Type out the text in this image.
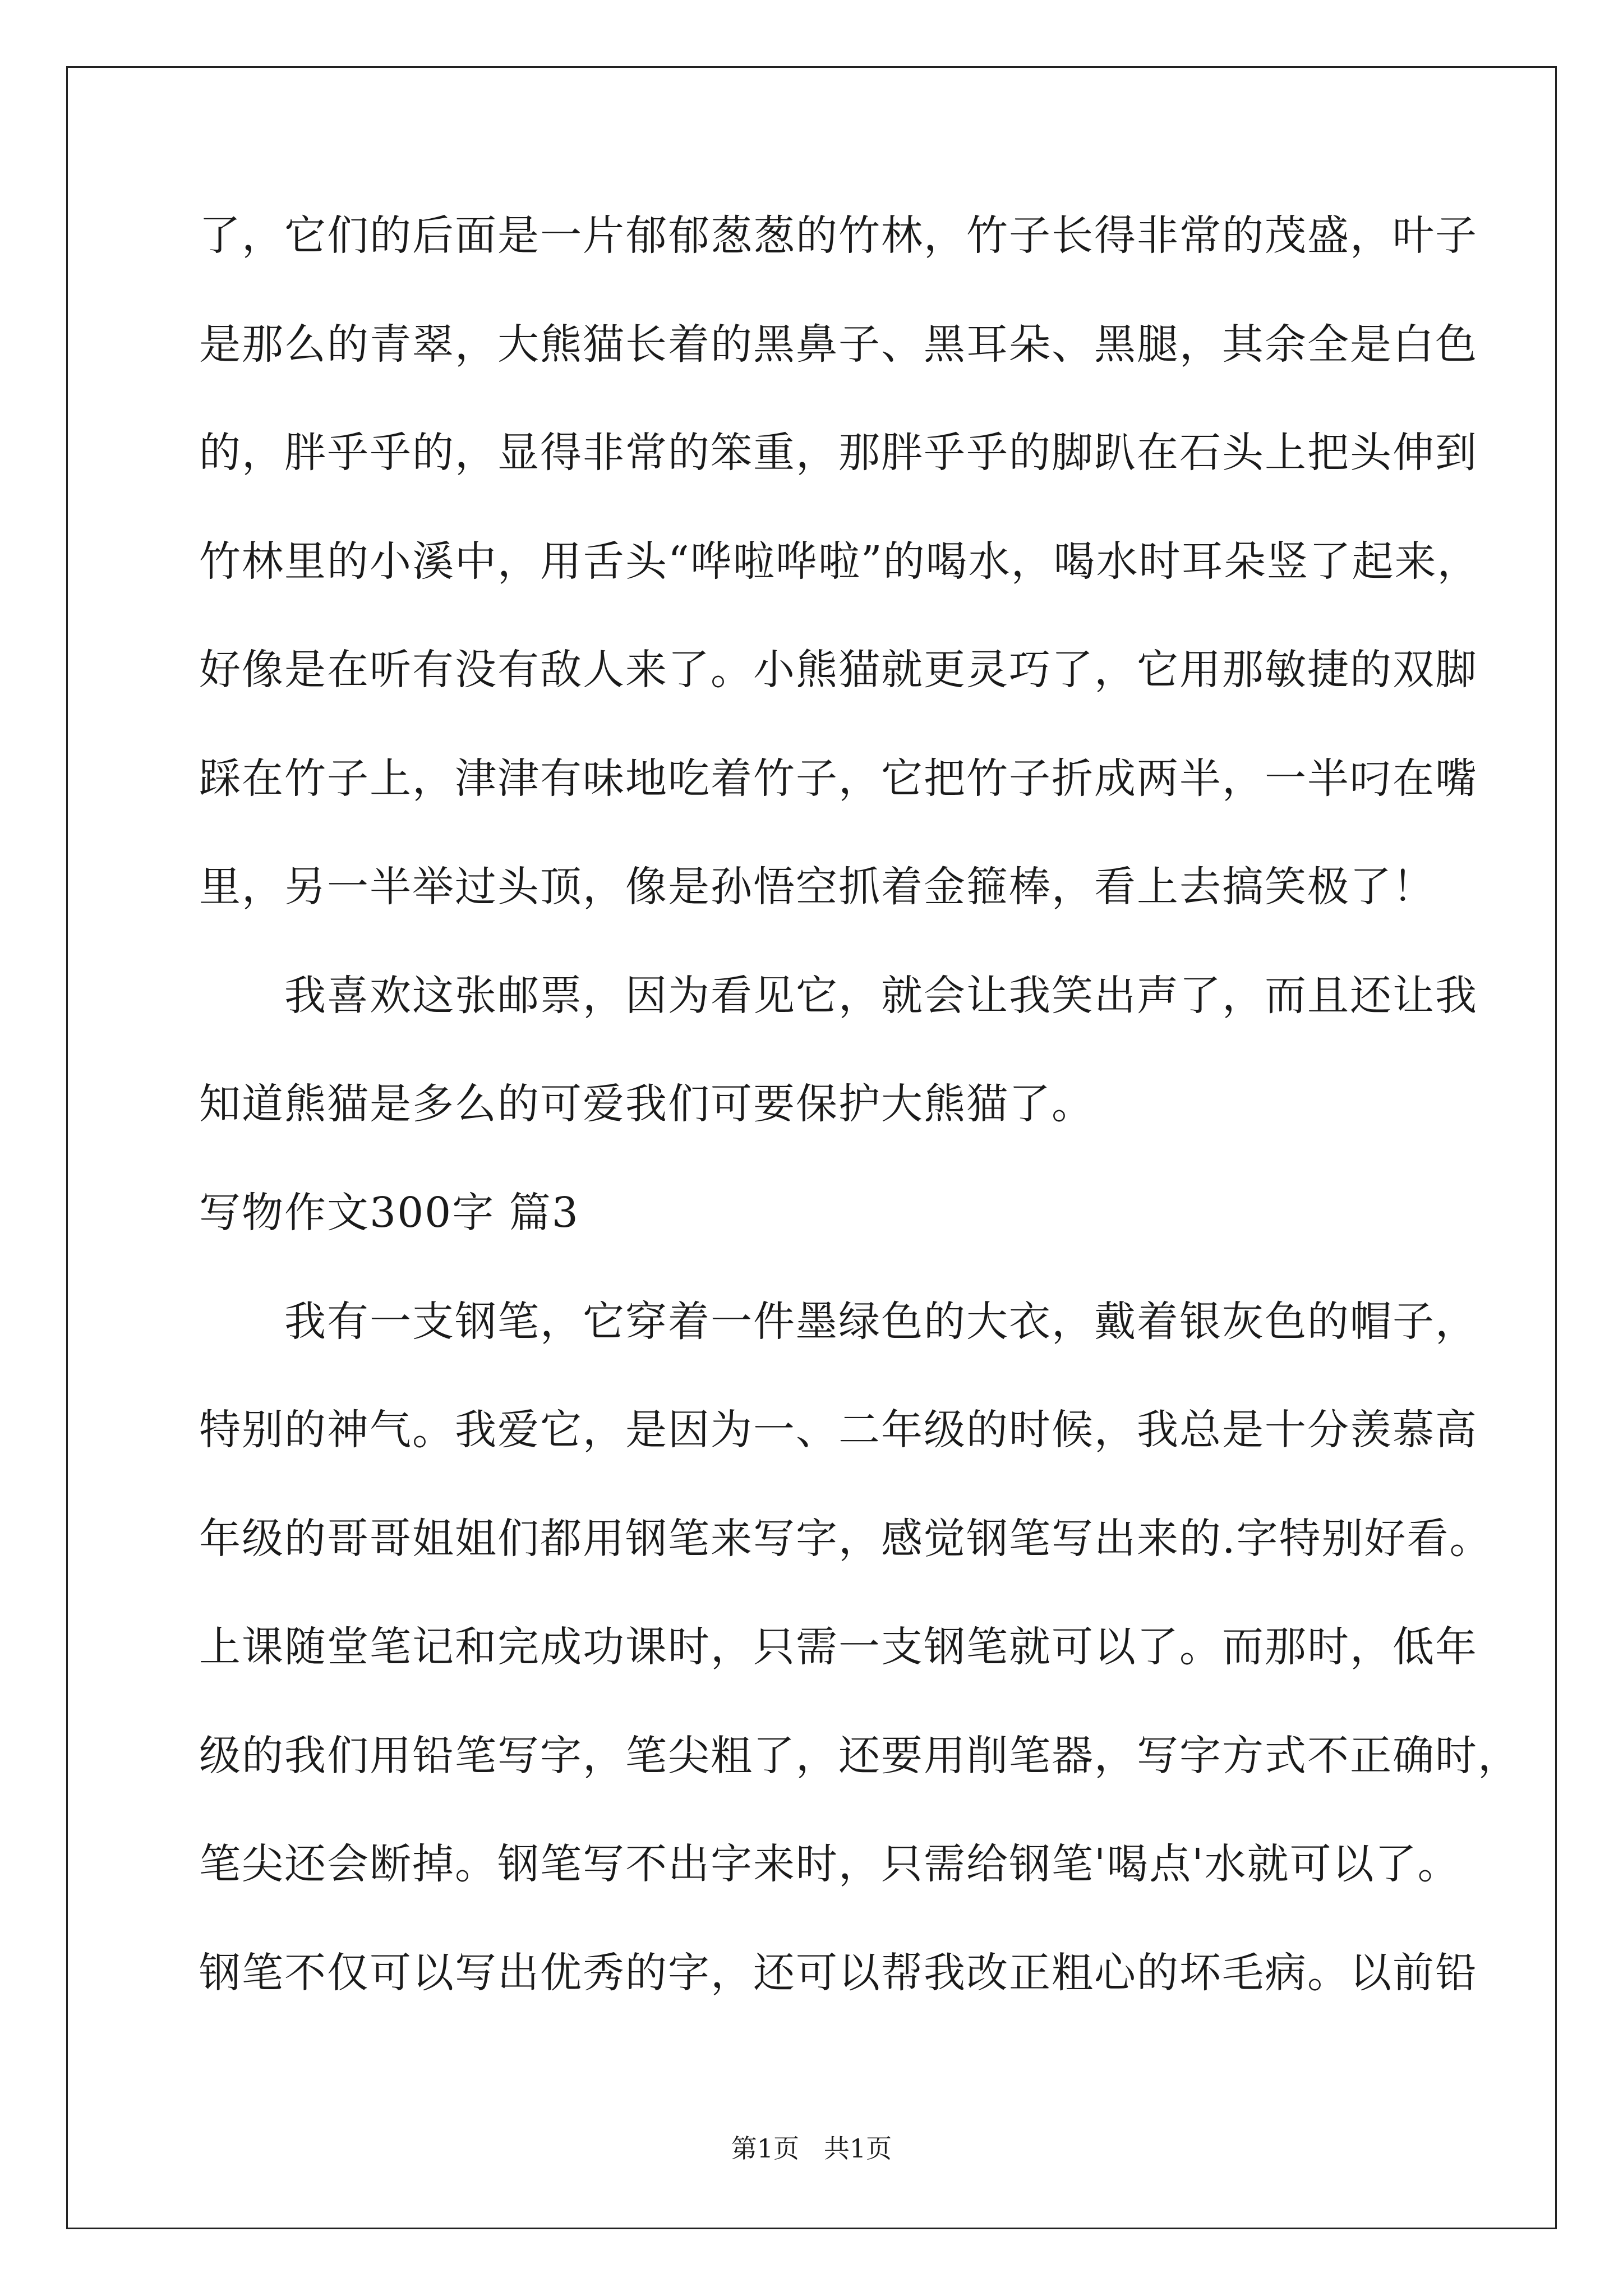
了，它们的后面是一片郁郁葱葱的竹林，竹子长得非常的茂盛，叶子
是那么的青翠，大熊猫长着的黑鼻子、黑耳朵、黑腿，其余全是白色
的，胖乎乎的，显得非常的笨重，那胖乎乎的脚趴在石头上把头伸到
竹林里的小溪中，用舌头“哗啦哗啦”的喝水，喝水时耳朵竖了起来，
好像是在听有没有敌人来了。小熊猫就更灵巧了，它用那敏捷的双脚
踩在竹子上，津津有味地吃着竹子，它把竹子折成两半，一半叼在嘴
里，另一半举过头顶，像是孙悟空抓着金箍棒，看上去搞笑极了！
　　我喜欢这张邮票，因为看见它，就会让我笑出声了，而且还让我
知道熊猫是多么的可爱我们可要保护大熊猫了。
写物作文300字 篇3
　　我有一支钢笔，它穿着一件墨绿色的大衣，戴着银灰色的帽子，
特别的神气。我爱它，是因为一、二年级的时候，我总是十分羡慕高
年级的哥哥姐姐们都用钢笔来写字，感觉钢笔写出来的.字特别好看。
上课随堂笔记和完成功课时，只需一支钢笔就可以了。而那时，低年
级的我们用铅笔写字，笔尖粗了，还要用削笔器，写字方式不正确时，
笔尖还会断掉。钢笔写不出字来时，只需给钢笔'喝点'水就可以了。
钢笔不仅可以写出优秀的字，还可以帮我改正粗心的坏毛病。以前铅
第1页   共1页
